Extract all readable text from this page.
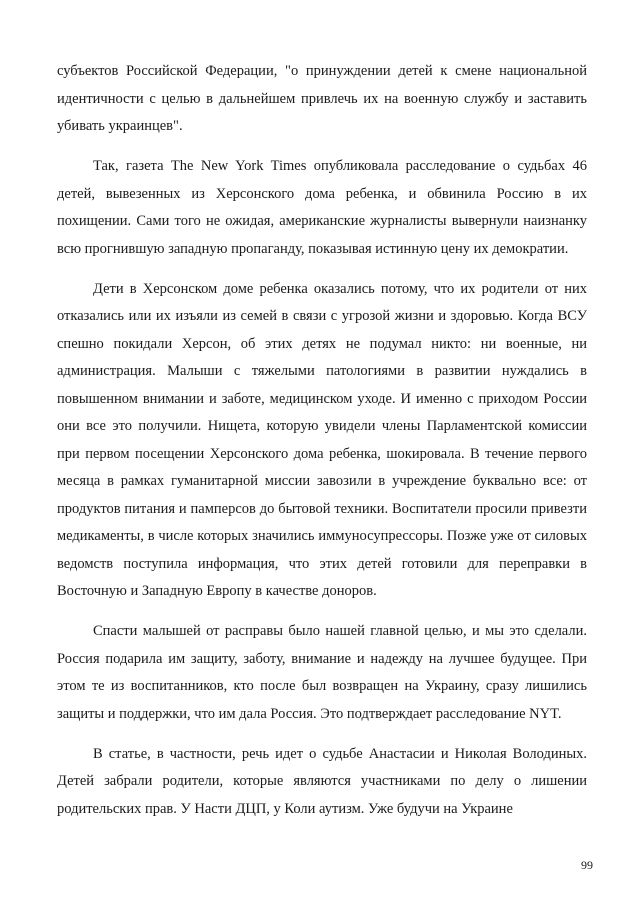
субъектов Российской Федерации, "о принуждении детей к смене национальной идентичности с целью в дальнейшем привлечь их на военную службу и заставить убивать украинцев".

Так, газета The New York Times опубликовала расследование о судьбах 46 детей, вывезенных из Херсонского дома ребенка, и обвинила Россию в их похищении. Сами того не ожидая, американские журналисты вывернули наизнанку всю прогнившую западную пропаганду, показывая истинную цену их демократии.

Дети в Херсонском доме ребенка оказались потому, что их родители от них отказались или их изъяли из семей в связи с угрозой жизни и здоровью. Когда ВСУ спешно покидали Херсон, об этих детях не подумал никто: ни военные, ни администрация. Малыши с тяжелыми патологиями в развитии нуждались в повышенном внимании и заботе, медицинском уходе. И именно с приходом России они все это получили. Нищета, которую увидели члены Парламентской комиссии при первом посещении Херсонского дома ребенка, шокировала. В течение первого месяца в рамках гуманитарной миссии завозили в учреждение буквально все: от продуктов питания и памперсов до бытовой техники. Воспитатели просили привезти медикаменты, в числе которых значились иммуносупрессоры. Позже уже от силовых ведомств поступила информация, что этих детей готовили для переправки в Восточную и Западную Европу в качестве доноров.

Спасти малышей от расправы было нашей главной целью, и мы это сделали. Россия подарила им защиту, заботу, внимание и надежду на лучшее будущее. При этом те из воспитанников, кто после был возвращен на Украину, сразу лишились защиты и поддержки, что им дала Россия. Это подтверждает расследование NYT.

В статье, в частности, речь идет о судьбе Анастасии и Николая Володиных. Детей забрали родители, которые являются участниками по делу о лишении родительских прав. У Насти ДЦП, у Коли аутизм. Уже будучи на Украине

99
